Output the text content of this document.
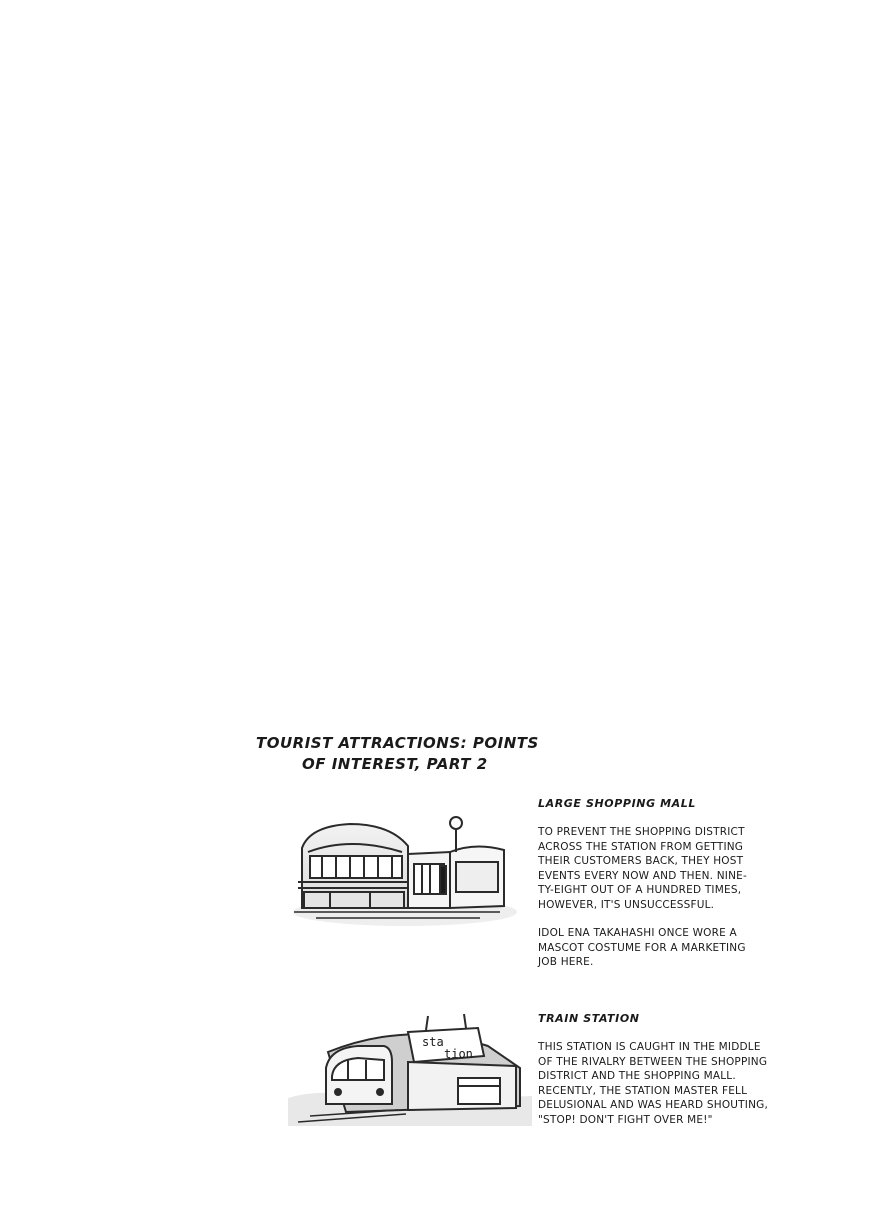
TOURIST ATTRACTIONS: POINTS
OF INTEREST, PART 2
LARGE SHOPPING MALL

TO PREVENT THE SHOPPING DISTRICT
ACROSS THE STATION FROM GETTING
THEIR CUSTOMERS BACK, THEY HOST
EVENTS EVERY NOW AND THEN. NINE-
TY-EIGHT OUT OF A HUNDRED TIMES,
HOWEVER, IT'S UNSUCCESSFUL.

IDOL ENA TAKAHASHI ONCE WORE A
MASCOT COSTUME FOR A MARKETING
JOB HERE.

sta
tion
TRAIN STATION

THIS STATION IS CAUGHT IN THE MIDDLE
OF THE RIVALRY BETWEEN THE SHOPPING
DISTRICT AND THE SHOPPING MALL.
RECENTLY, THE STATION MASTER FELL
DELUSIONAL AND WAS HEARD SHOUTING,
"STOP! DON'T FIGHT OVER ME!"
